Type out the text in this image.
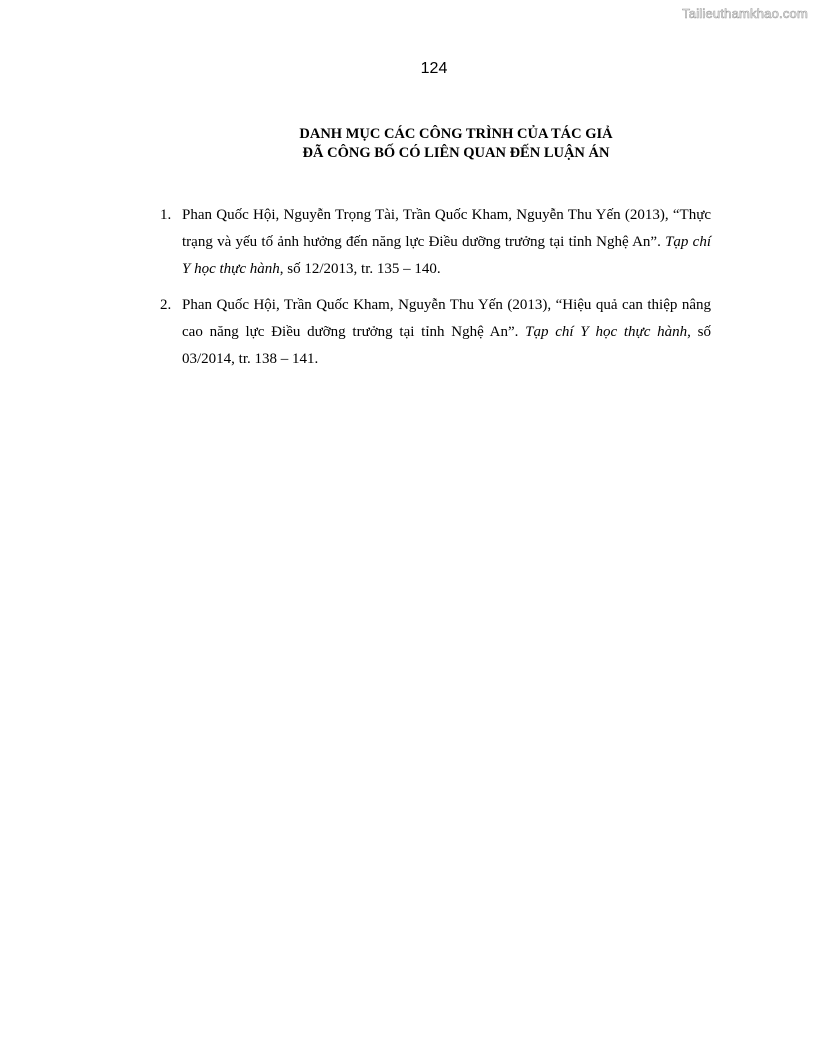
Tailieuthamkhao.com
124
DANH MỤC CÁC CÔNG TRÌNH CỦA TÁC GIẢ
ĐÃ CÔNG BỐ CÓ LIÊN QUAN ĐẾN LUẬN ÁN
1. Phan Quốc Hội, Nguyễn Trọng Tài, Trần Quốc Kham, Nguyễn Thu Yến (2013), “Thực trạng và yếu tố ảnh hưởng đến năng lực Điều dưỡng trưởng tại tỉnh Nghệ An”. Tạp chí Y học thực hành, số 12/2013, tr. 135 – 140.
2. Phan Quốc Hội, Trần Quốc Kham, Nguyễn Thu Yến (2013), “Hiệu quả can thiệp nâng cao năng lực Điều dưỡng trưởng tại tỉnh Nghệ An”. Tạp chí Y học thực hành, số 03/2014, tr. 138 – 141.
